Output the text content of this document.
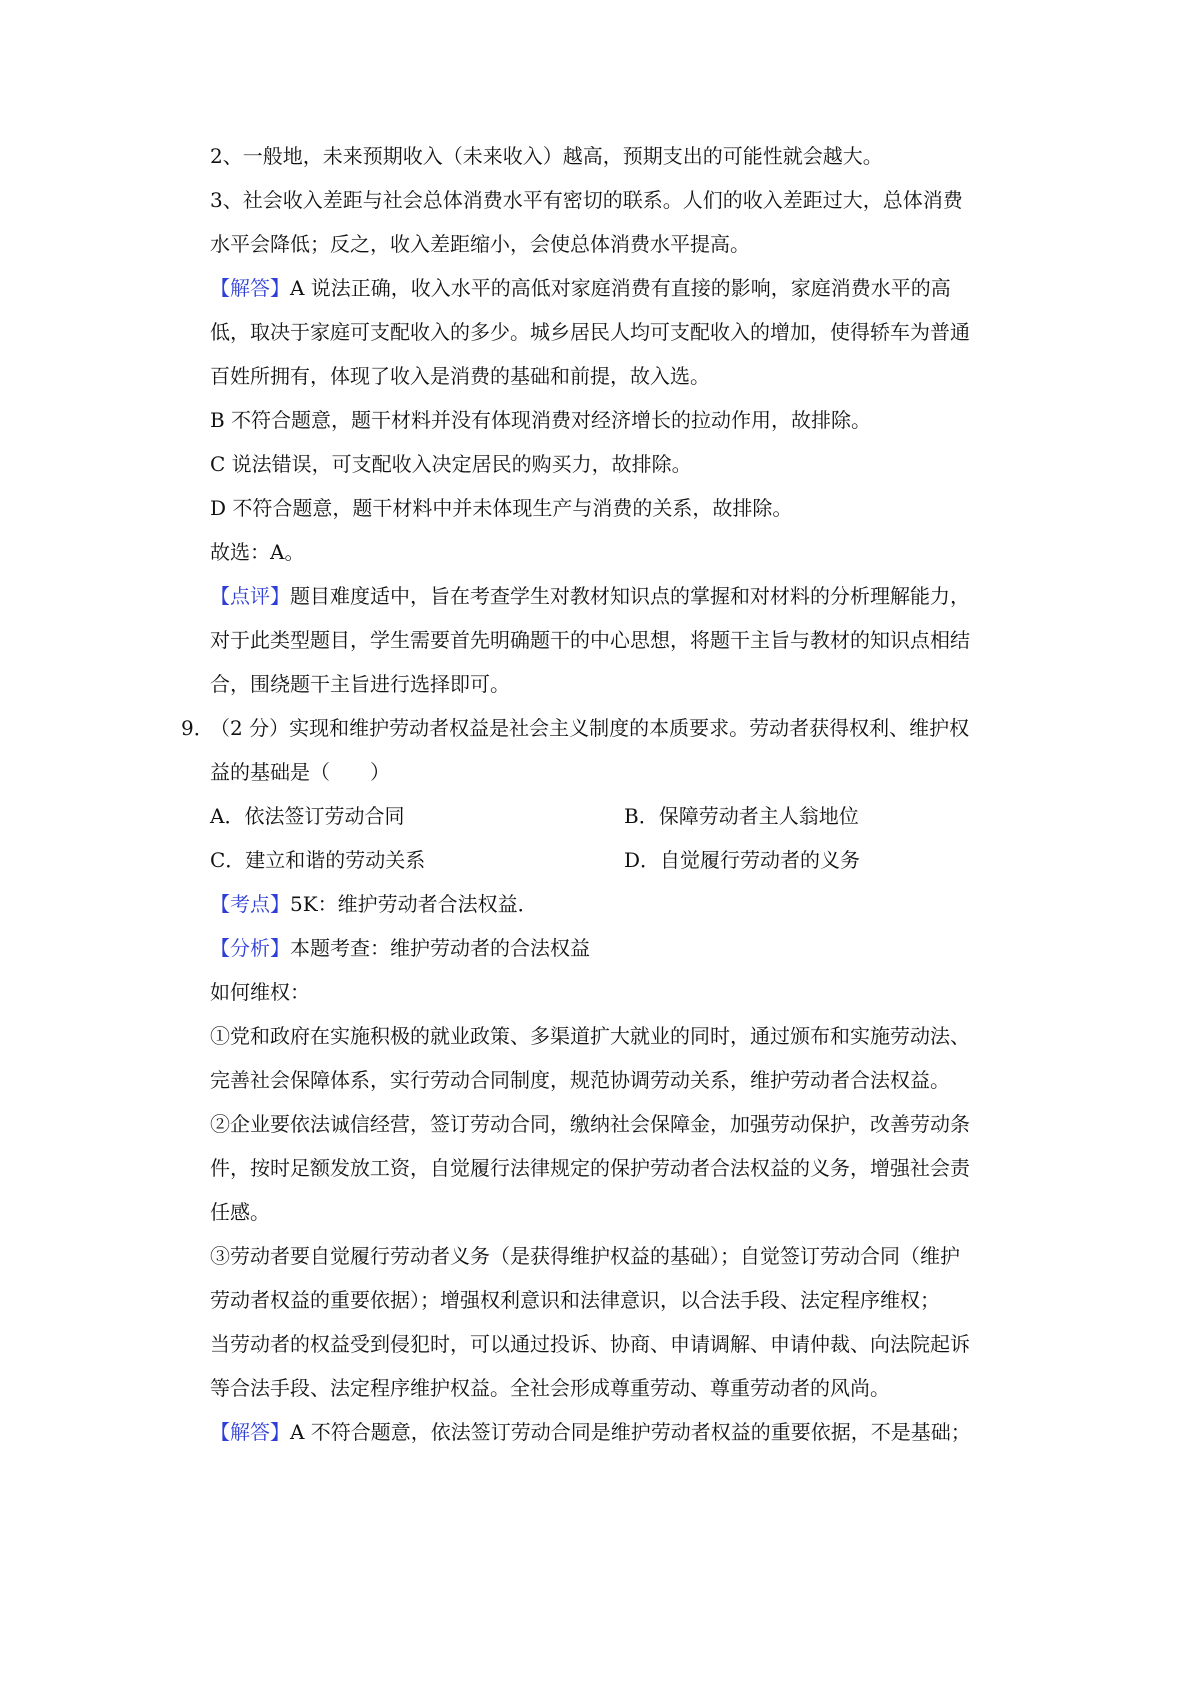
2、一般地，未来预期收入（未来收入）越高，预期支出的可能性就会越大。
3、社会收入差距与社会总体消费水平有密切的联系。人们的收入差距过大，总体消费
水平会降低；反之，收入差距缩小，会使总体消费水平提高。
【解答】A 说法正确，收入水平的高低对家庭消费有直接的影响，家庭消费水平的高
低，取决于家庭可支配收入的多少。城乡居民人均可支配收入的增加，使得轿车为普通
百姓所拥有，体现了收入是消费的基础和前提，故入选。
B 不符合题意，题干材料并没有体现消费对经济增长的拉动作用，故排除。
C 说法错误，可支配收入决定居民的购买力，故排除。
D 不符合题意，题干材料中并未体现生产与消费的关系，故排除。
故选：A。
【点评】题目难度适中，旨在考查学生对教材知识点的掌握和对材料的分析理解能力，
对于此类型题目，学生需要首先明确题干的中心思想，将题干主旨与教材的知识点相结
合，围绕题干主旨进行选择即可。
9．
（2 分）实现和维护劳动者权益是社会主义制度的本质要求。劳动者获得权利、维护权
益的基础是（　　）
A．依法签订劳动合同	B．保障劳动者主人翁地位
C．建立和谐的劳动关系	D．自觉履行劳动者的义务
【考点】5K：维护劳动者合法权益．
【分析】本题考查：维护劳动者的合法权益
如何维权：
①党和政府在实施积极的就业政策、多渠道扩大就业的同时，通过颁布和实施劳动法、
完善社会保障体系，实行劳动合同制度，规范协调劳动关系，维护劳动者合法权益。
②企业要依法诚信经营，签订劳动合同，缴纳社会保障金，加强劳动保护，改善劳动条
件，按时足额发放工资，自觉履行法律规定的保护劳动者合法权益的义务，增强社会责
任感。
③劳动者要自觉履行劳动者义务（是获得维护权益的基础）；自觉签订劳动合同（维护
劳动者权益的重要依据）；增强权利意识和法律意识，以合法手段、法定程序维权；
当劳动者的权益受到侵犯时，可以通过投诉、协商、申请调解、申请仲裁、向法院起诉
等合法手段、法定程序维护权益。全社会形成尊重劳动、尊重劳动者的风尚。
【解答】A 不符合题意，依法签订劳动合同是维护劳动者权益的重要依据，不是基础；
